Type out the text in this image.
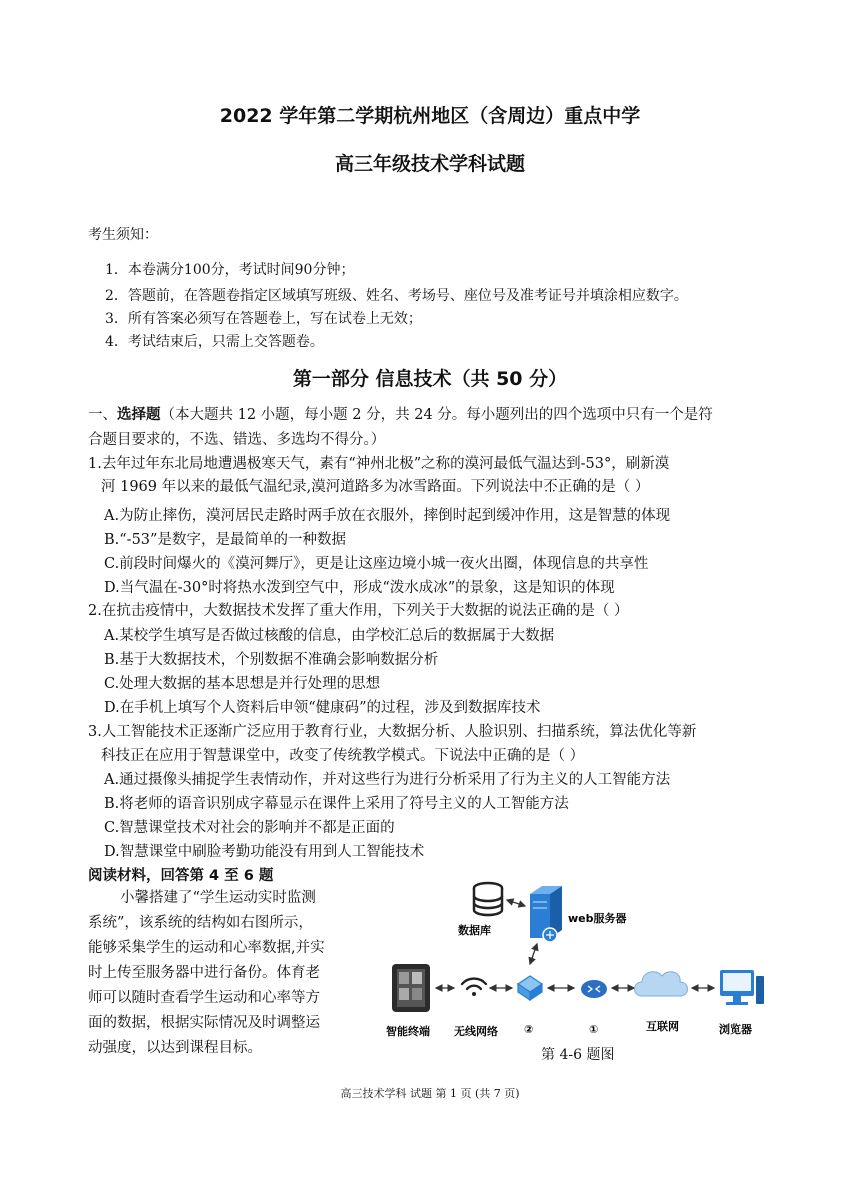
2022 学年第二学期杭州地区（含周边）重点中学
高三年级技术学科试题
考生须知：
1．本卷满分100分，考试时间90分钟；
2．答题前，在答题卷指定区域填写班级、姓名、考场号、座位号及准考证号并填涂相应数字。
3．所有答案必须写在答题卷上，写在试卷上无效；
4．考试结束后，只需上交答题卷。
第一部分 信息技术（共 50 分）
一、选择题（本大题共 12 小题，每小题 2 分，共 24 分。每小题列出的四个选项中只有一个是符
合题目要求的，不选、错选、多选均不得分。）
1.去年过年东北局地遭遇极寒天气，素有“神州北极”之称的漠河最低气温达到-53°，刷新漠
河 1969 年以来的最低气温纪录,漠河道路多为冰雪路面。下列说法中不正确 · · ·的是（ ）
A.为防止摔伤，漠河居民走路时两手放在衣服外，摔倒时起到缓冲作用，这是智慧的体现
B.“-53”是数字，是最简单的一种数据
C.前段时间爆火的《漠河舞厅》，更是让这座边境小城一夜火出圈，体现信息的共享性
D.当气温在-30°时将热水泼到空气中，形成“泼水成冰”的景象，这是知识的体现
2.在抗击疫情中，大数据技术发挥了重大作用，下列关于大数据的说法正确的是（ ）
A.某校学生填写是否做过核酸的信息，由学校汇总后的数据属于大数据
B.基于大数据技术，个别数据不准确会影响数据分析
C.处理大数据的基本思想是并行处理的思想
D.在手机上填写个人资料后申领“健康码”的过程，涉及到数据库技术
3.人工智能技术正逐渐广泛应用于教育行业，大数据分析、人脸识别、扫描系统，算法优化等新
科技正在应用于智慧课堂中，改变了传统教学模式。下说法中正确的是（ ）
A.通过摄像头捕捉学生表情动作，并对这些行为进行分析采用了行为主义的人工智能方法
B.将老师的语音识别成字幕显示在课件上采用了符号主义的人工智能方法
C.智慧课堂技术对社会的影响并不都是正面的
D.智慧课堂中刷脸考勤功能没有用到人工智能技术
阅读材料，回答第 4 至 6 题
小馨搭建了“学生运动实时监测
系统”，该系统的结构如右图所示，
能够采集学生的运动和心率数据,并实
时上传至服务器中进行备份。体育老
师可以随时查看学生运动和心率等方
面的数据，根据实际情况及时调整运
动强度，以达到课程目标。
数据库
web服务器
智能终端 无线网络 ②	①	互联网	浏览器
第 4-6 题图
高三技术学科 试题 第 1 页 (共 7 页)
